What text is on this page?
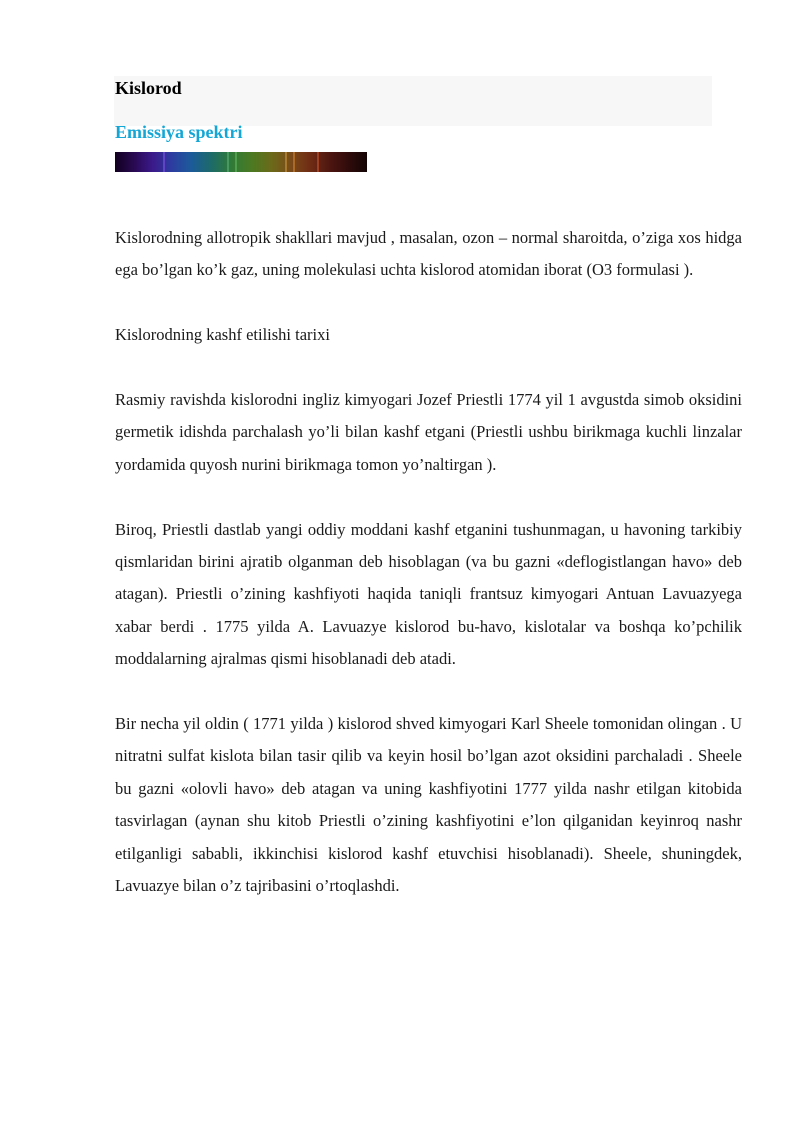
Kislorod
Emissiya spektri

Kislorodning allotropik shakllari mavjud , masalan, ozon – normal sharoitda, o’ziga xos hidga ega bo’lgan ko’k gaz, uning molekulasi uchta kislorod atomidan iborat (O3 formulasi ).

Kislorodning kashf etilishi tarixi

Rasmiy ravishda kislorodni ingliz kimyogari Jozef Priestli 1774 yil 1 avgustda simob oksidini germetik idishda parchalash yo’li bilan kashf etgani (Priestli ushbu birikmaga kuchli linzalar yordamida quyosh nurini birikmaga tomon yo’naltirgan ).

Biroq, Priestli dastlab yangi oddiy moddani kashf etganini tushunmagan, u havoning tarkibiy qismlaridan birini ajratib olganman deb hisoblagan (va bu gazni «deflogistlangan havo» deb atagan). Priestli o’zining kashfiyoti haqida taniqli frantsuz kimyogari Antuan Lavuazyega xabar berdi . 1775 yilda A. Lavuazye kislorod bu-havo, kislotalar va boshqa ko’pchilik moddalarning ajralmas qismi hisoblanadi deb atadi.

Bir necha yil oldin ( 1771 yilda ) kislorod shved kimyogari Karl Sheele tomonidan olingan . U nitratni sulfat kislota bilan tasir qilib va keyin hosil bo’lgan azot oksidini parchaladi . Sheele bu gazni «olovli havo» deb atagan va uning kashfiyotini 1777 yilda nashr etilgan kitobida tasvirlagan (aynan shu kitob Priestli o’zining kashfiyotini e’lon qilganidan keyinroq nashr etilganligi sababli, ikkinchisi kislorod kashf etuvchisi hisoblanadi). Sheele, shuningdek, Lavuazye bilan o’z tajribasini o’rtoqlashdi.
